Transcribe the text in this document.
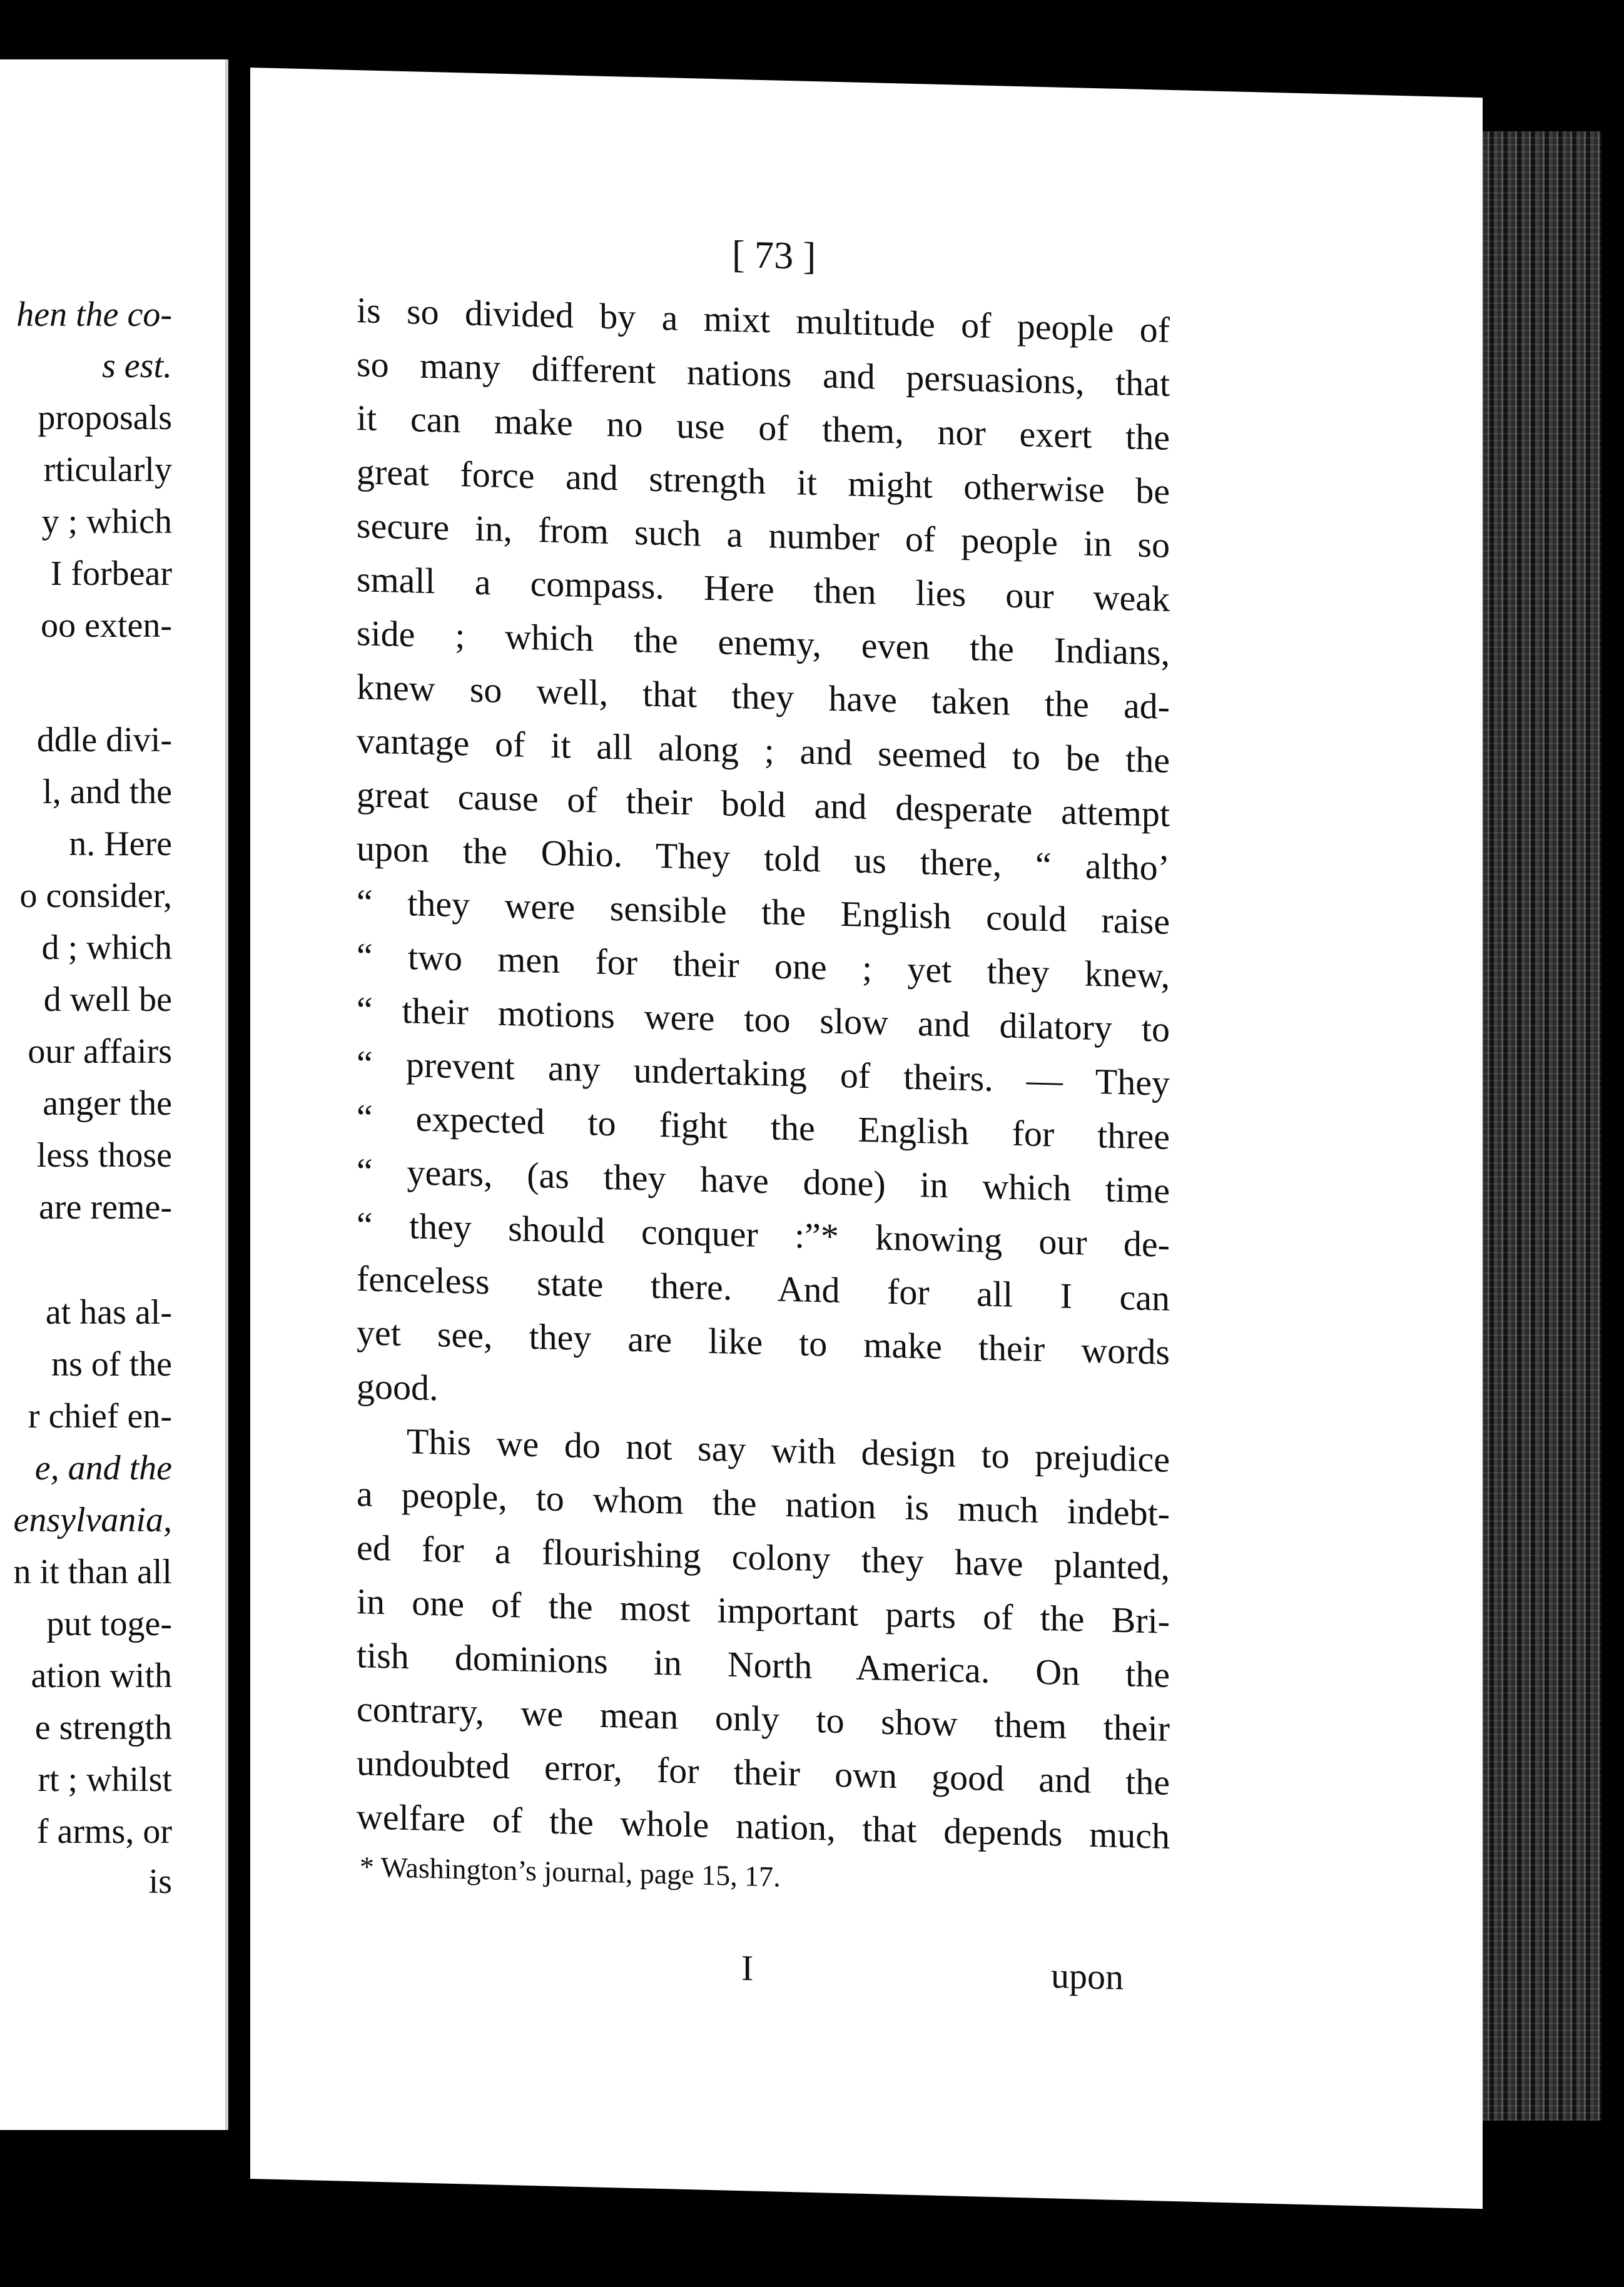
hen the co-
s est.
proposals
rticularly
y ; which
I forbear
oo exten-
ddle divi-
l, and the
n. Here
o consider,
d ; which
d well be
our affairs
anger the
less those
are reme-
at has al-
ns of the
r chief en-
e, and the
ensylvania,
n it than all
put toge-
ation with
e strength
rt ; whilst
f arms, or
is
[ 73 ]
is so divided by a mixt multitude of people of
so many different nations and persuasions, that
it can make no use of them, nor exert the
great force and strength it might otherwise be
secure in, from such a number of people in so
small a compass. Here then lies our weak
side ; which the enemy, even the Indians,
knew so well, that they have taken the ad-
vantage of it all along ; and seemed to be the
great cause of their bold and desperate attempt
upon the Ohio. They told us there, “ altho’
“ they were sensible the English could raise
“ two men for their one ; yet they knew,
“ their motions were too slow and dilatory to
“ prevent any undertaking of theirs. — They
“ expected to fight the English for three
“ years, (as they have done) in which time
“ they should conquer :”* knowing our de-
fenceless state there. And for all I can
yet see, they are like to make their words
good.
This we do not say with design to prejudice
a people, to whom the nation is much indebt-
ed for a flourishing colony they have planted,
in one of the most important parts of the Bri-
tish dominions in North America. On the
contrary, we mean only to show them their
undoubted error, for their own good and the
welfare of the whole nation, that depends much
* Washington’s journal, page 15, 17.
I	upon
